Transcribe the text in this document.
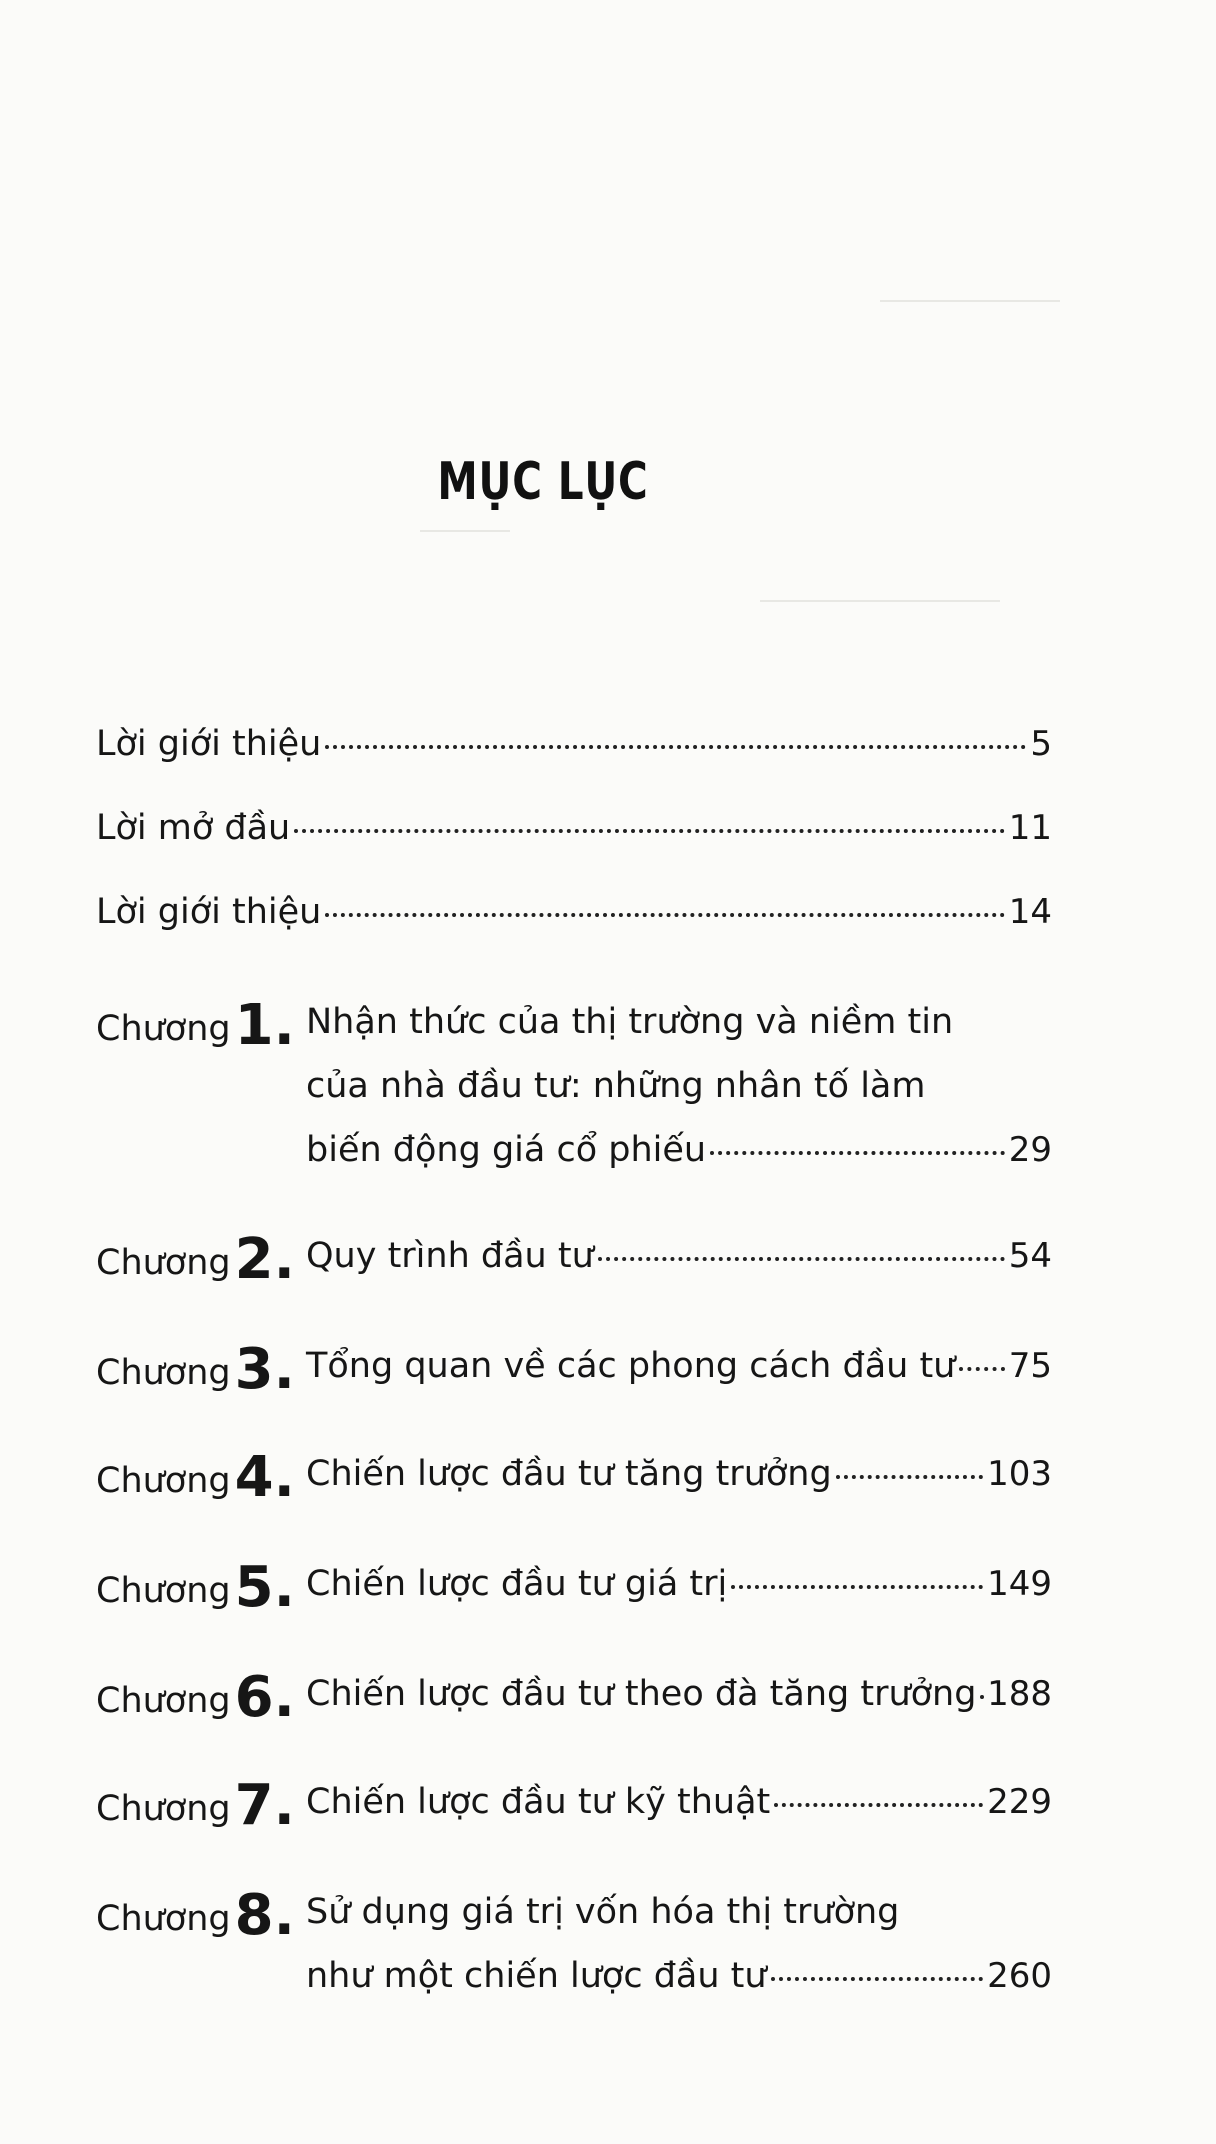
MỤC LỤC
Lời giới thiệu	5
Lời mở đầu	11
Lời giới thiệu	14
Chương1. Nhận thức của thị trường và niềm tin
của nhà đầu tư: những nhân tố làm
biến động giá cổ phiếu	29
Chương2. Quy trình đầu tư	54
Chương3. Tổng quan về các phong cách đầu tư 75
Chương4. Chiến lược đầu tư tăng trưởng	103
Chương5. Chiến lược đầu tư giá trị	149
Chương6. Chiến lược đầu tư theo đà tăng trưởng 188
Chương7. Chiến lược đầu tư kỹ thuật	229
Chương8. Sử dụng giá trị vốn hóa thị trường
như một chiến lược đầu tư	260
